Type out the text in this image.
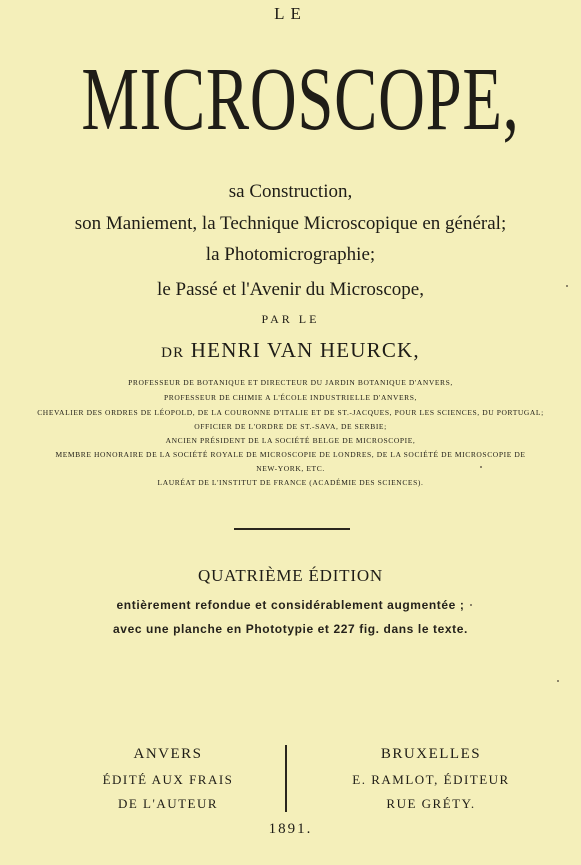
LE
MICROSCOPE,
sa Construction,
son Maniement, la Technique Microscopique en général;
la Photomicrographie;
le Passé et l'Avenir du Microscope,
PAR LE
DR HENRI VAN HEURCK,
PROFESSEUR DE BOTANIQUE ET DIRECTEUR DU JARDIN BOTANIQUE D'ANVERS,
PROFESSEUR DE CHIMIE A L'ÉCOLE INDUSTRIELLE D'ANVERS,
CHEVALIER DES ORDRES DE LÉOPOLD, DE LA COURONNE D'ITALIE ET DE ST.-JACQUES, POUR LES SCIENCES, DU PORTUGAL;
OFFICIER DE L'ORDRE DE ST.-SAVA, DE SERBIE;
ANCIEN PRÉSIDENT DE LA SOCIÉTÉ BELGE DE MICROSCOPIE,
MEMBRE HONORAIRE DE LA SOCIÉTÉ ROYALE DE MICROSCOPIE DE LONDRES, DE LA SOCIÉTÉ DE MICROSCOPIE DE
NEW-YORK, ETC.
LAURÉAT DE L'INSTITUT DE FRANCE (ACADÉMIE DES SCIENCES).
QUATRIÈME ÉDITION
entièrement refondue et considérablement augmentée ;
avec une planche en Phototypie et 227 fig. dans le texte.
ANVERS
ÉDITÉ AUX FRAIS
DE L'AUTEUR
BRUXELLES
E. RAMLOT, ÉDITEUR
RUE GRÉTY.
1891.
